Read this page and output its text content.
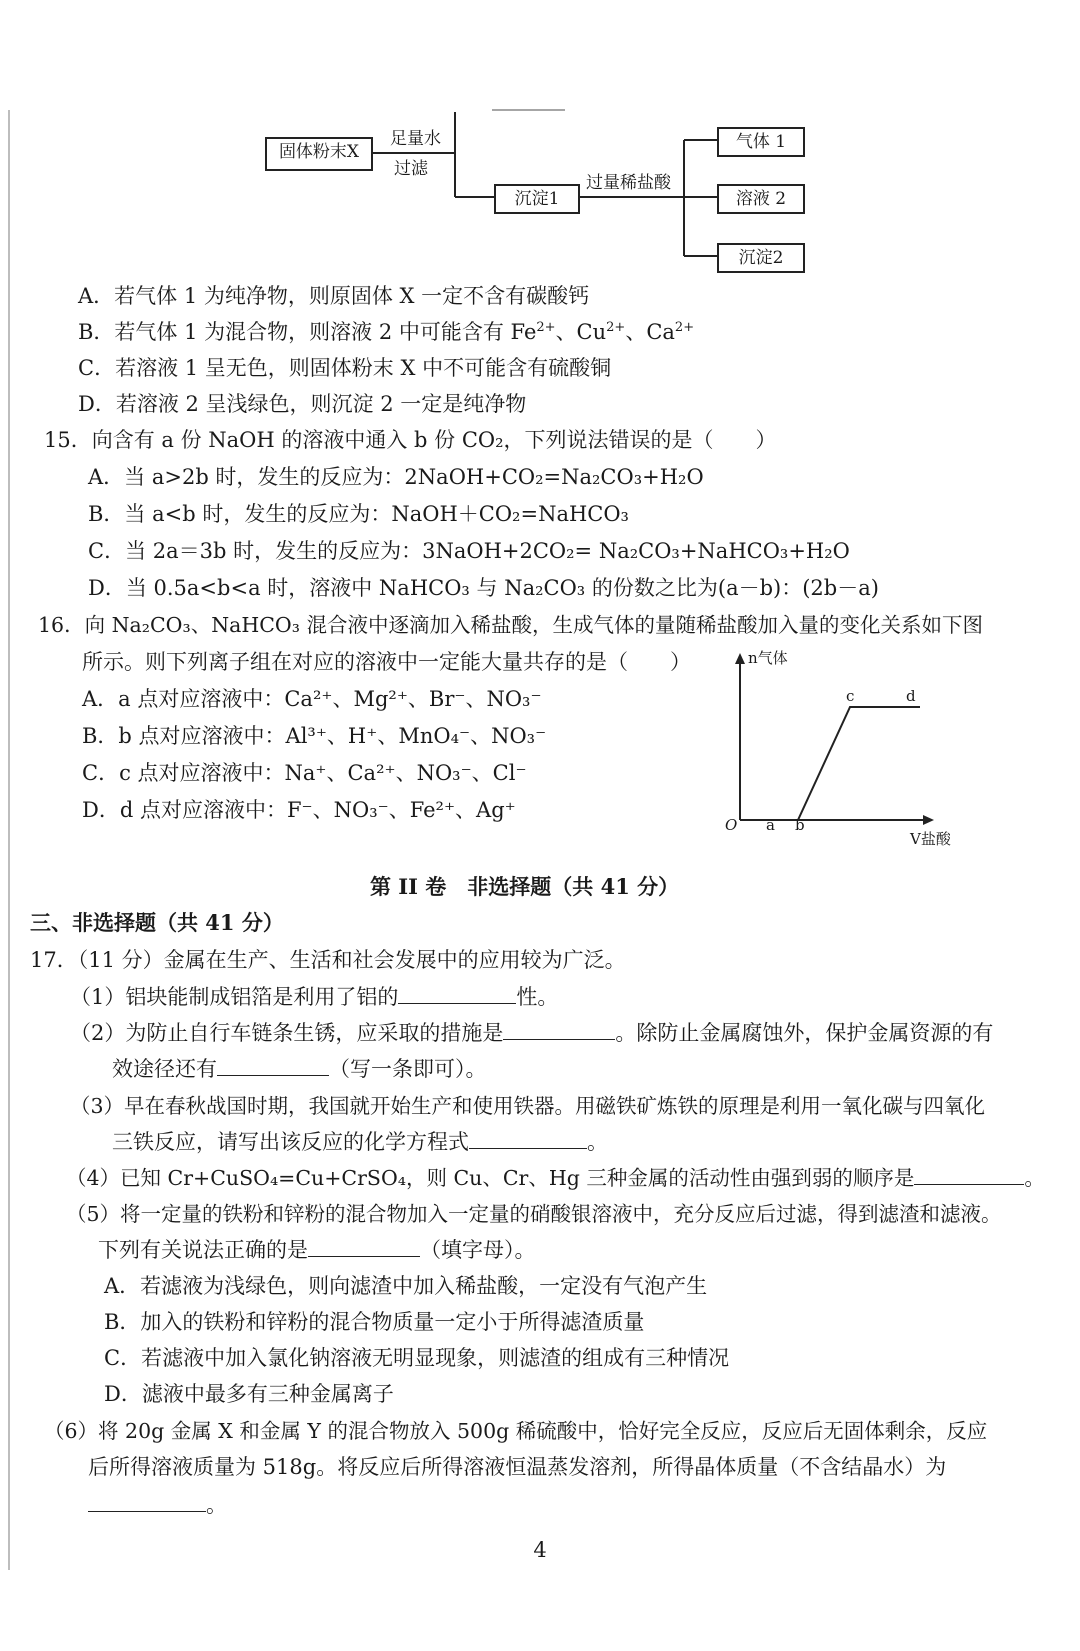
固体粉末X
足量水
过滤
沉淀1
过量稀盐酸
气体 1
溶液 2
沉淀2
A．若气体 1 为纯净物，则原固体 X 一定不含有碳酸钙
B．若气体 1 为混合物，则溶液 2 中可能含有 $Fe^{2+}$、$Cu^{2+}$、$Ca^{2+}$
C．若溶液 1 呈无色，则固体粉末 X 中不可能含有硫酸铜
D．若溶液 2 呈浅绿色，则沉淀 2 一定是纯净物
15．向含有 a 份 NaOH 的溶液中通入 b 份 CO₂，下列说法错误的是（　　）
A．当 a>2b 时，发生的反应为：2NaOH+CO₂=Na₂CO₃+H₂O
B．当 a<b 时，发生的反应为：NaOH＋CO₂=NaHCO₃
C．当 2a＝3b 时，发生的反应为：3NaOH+2CO₂= Na₂CO₃+NaHCO₃+H₂O
D．当 0.5a<b<a 时，溶液中 NaHCO₃ 与 Na₂CO₃ 的份数之比为(a－b)：(2b－a)
16．向 Na₂CO₃、NaHCO₃ 混合液中逐滴加入稀盐酸，生成气体的量随稀盐酸加入量的变化关系如下图
所示。则下列离子组在对应的溶液中一定能大量共存的是（　　）
A．a 点对应溶液中：Ca²⁺、Mg²⁺、Br⁻、NO₃⁻
B．b 点对应溶液中：Al³⁺、H⁺、MnO₄⁻、NO₃⁻
C．c 点对应溶液中：Na⁺、Ca²⁺、NO₃⁻、Cl⁻
D．d 点对应溶液中：F⁻、NO₃⁻、Fe²⁺、Ag⁺
n气体
V盐酸
O a b
c	d
第 II 卷　非选择题（共 41 分）
三、非选择题（共 41 分）
17．（11 分）金属在生产、生活和社会发展中的应用较为广泛。
（1）铝块能制成铝箔是利用了铝的	性。
（2）为防止自行车链条生锈，应采取的措施是	。除防止金属腐蚀外，保护金属资源的有
效途径还有	（写一条即可）。
（3）早在春秋战国时期，我国就开始生产和使用铁器。用磁铁矿炼铁的原理是利用一氧化碳与四氧化
三铁反应，请写出该反应的化学方程式	。
（4）已知 Cr+CuSO₄=Cu+CrSO₄，则 Cu、Cr、Hg 三种金属的活动性由强到弱的顺序是	。
（5）将一定量的铁粉和锌粉的混合物加入一定量的硝酸银溶液中，充分反应后过滤，得到滤渣和滤液。
下列有关说法正确的是	（填字母）。
A．若滤液为浅绿色，则向滤渣中加入稀盐酸，一定没有气泡产生
B．加入的铁粉和锌粉的混合物质量一定小于所得滤渣质量
C．若滤液中加入氯化钠溶液无明显现象，则滤渣的组成有三种情况
D．滤液中最多有三种金属离子
（6）将 20g 金属 X 和金属 Y 的混合物放入 500g 稀硫酸中，恰好完全反应，反应后无固体剩余，反应
后所得溶液质量为 518g。将反应后所得溶液恒温蒸发溶剂，所得晶体质量（不含结晶水）为
。
4
